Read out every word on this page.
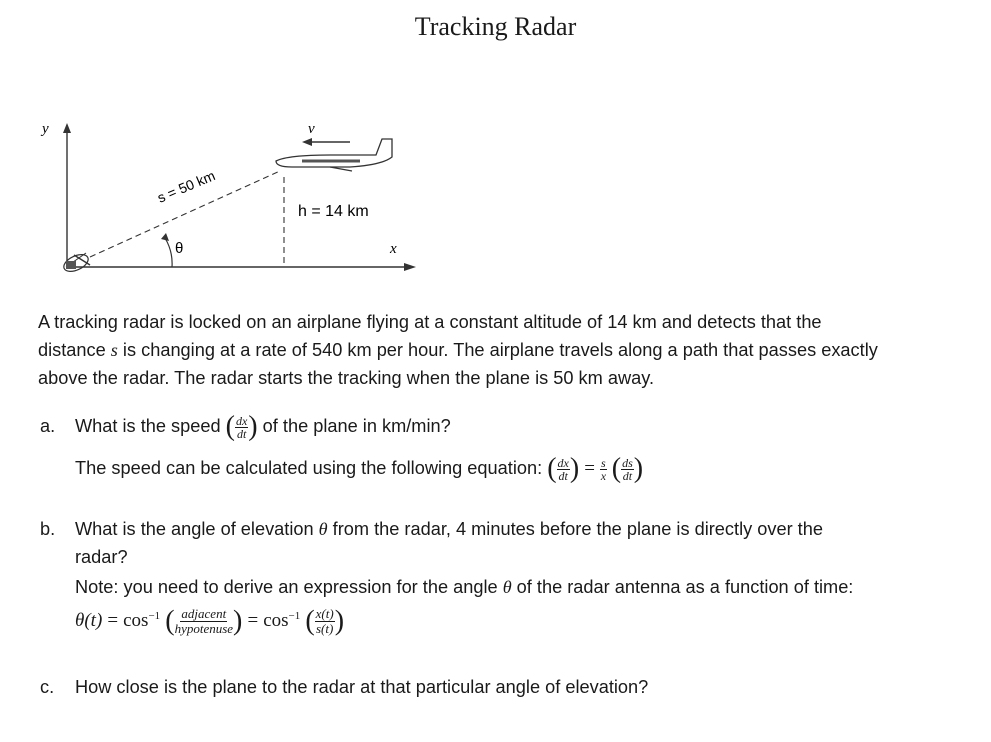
Tracking Radar
y
x
θ
s = 50 km
h = 14 km
v
A tracking radar is locked on an airplane flying at a constant altitude of 14 km and detects that the
distance s is changing at a rate of 540 km per hour. The airplane travels along a path that passes exactly
above the radar. The radar starts the tracking when the plane is 50 km away.
a. What is the speed ( $\frac{dx}{dt}$ ) of the plane in km/min?
The speed can be calculated using the following equation: ( $\frac{dx}{dt}$ ) = $\frac{s}{x}$ ( $\frac{ds}{dt}$ )
b. What is the angle of elevation θ from the radar, 4 minutes before the plane is directly over the
radar?
Note: you need to derive an expression for the angle θ of the radar antenna as a function of time:
$\theta(t) = \cos^{-1}$ ( $\frac{\text{adjacent}}{\text{hypotenuse}}$ ) = $\cos^{-1}$ ( $\frac{x(t)}{s(t)}$ )
c. How close is the plane to the radar at that particular angle of elevation?
